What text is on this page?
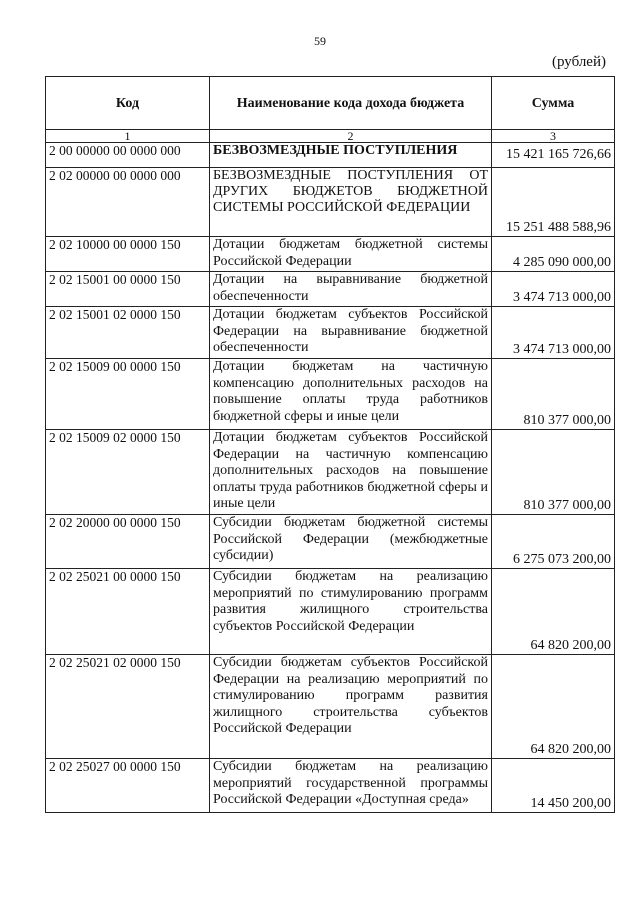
59
(рублей)
Код	Наименование кода дохода бюджета	Сумма
1	2	3
2 00 00000 00 0000 000	БЕЗВОЗМЕЗДНЫЕ ПОСТУПЛЕНИЯ	15 421 165 726,66
2 02 00000 00 0000 000	БЕЗВОЗМЕЗДНЫЕ ПОСТУПЛЕНИЯ ОТ ДРУГИХ БЮДЖЕТОВ БЮДЖЕТНОЙ СИСТЕМЫ РОССИЙСКОЙ ФЕДЕРАЦИИ	15 251 488 588,96
2 02 10000 00 0000 150	Дотации бюджетам бюджетной системы Российской Федерации	4 285 090 000,00
2 02 15001 00 0000 150	Дотации на выравнивание бюджетной обеспеченности	3 474 713 000,00
2 02 15001 02 0000 150	Дотации бюджетам субъектов Российской Федерации на выравнивание бюджетной обеспеченности	3 474 713 000,00
2 02 15009 00 0000 150	Дотации бюджетам на частичную компенсацию дополнительных расходов на повышение оплаты труда работников бюджетной сферы и иные цели	810 377 000,00
2 02 15009 02 0000 150	Дотации бюджетам субъектов Российской Федерации на частичную компенсацию дополнительных расходов на повышение оплаты труда работников бюджетной сферы и иные цели	810 377 000,00
2 02 20000 00 0000 150	Субсидии бюджетам бюджетной системы Российской Федерации (межбюджетные субсидии)	6 275 073 200,00
2 02 25021 00 0000 150	Субсидии бюджетам на реализацию мероприятий по стимулированию программ развития жилищного строительства субъектов Российской Федерации	64 820 200,00
2 02 25021 02 0000 150	Субсидии бюджетам субъектов Российской Федерации на реализацию мероприятий по стимулированию программ развития жилищного строительства субъектов Российской Федерации	64 820 200,00
2 02 25027 00 0000 150	Субсидии бюджетам на реализацию мероприятий государственной программы Российской Федерации «Доступная среда»	14 450 200,00
